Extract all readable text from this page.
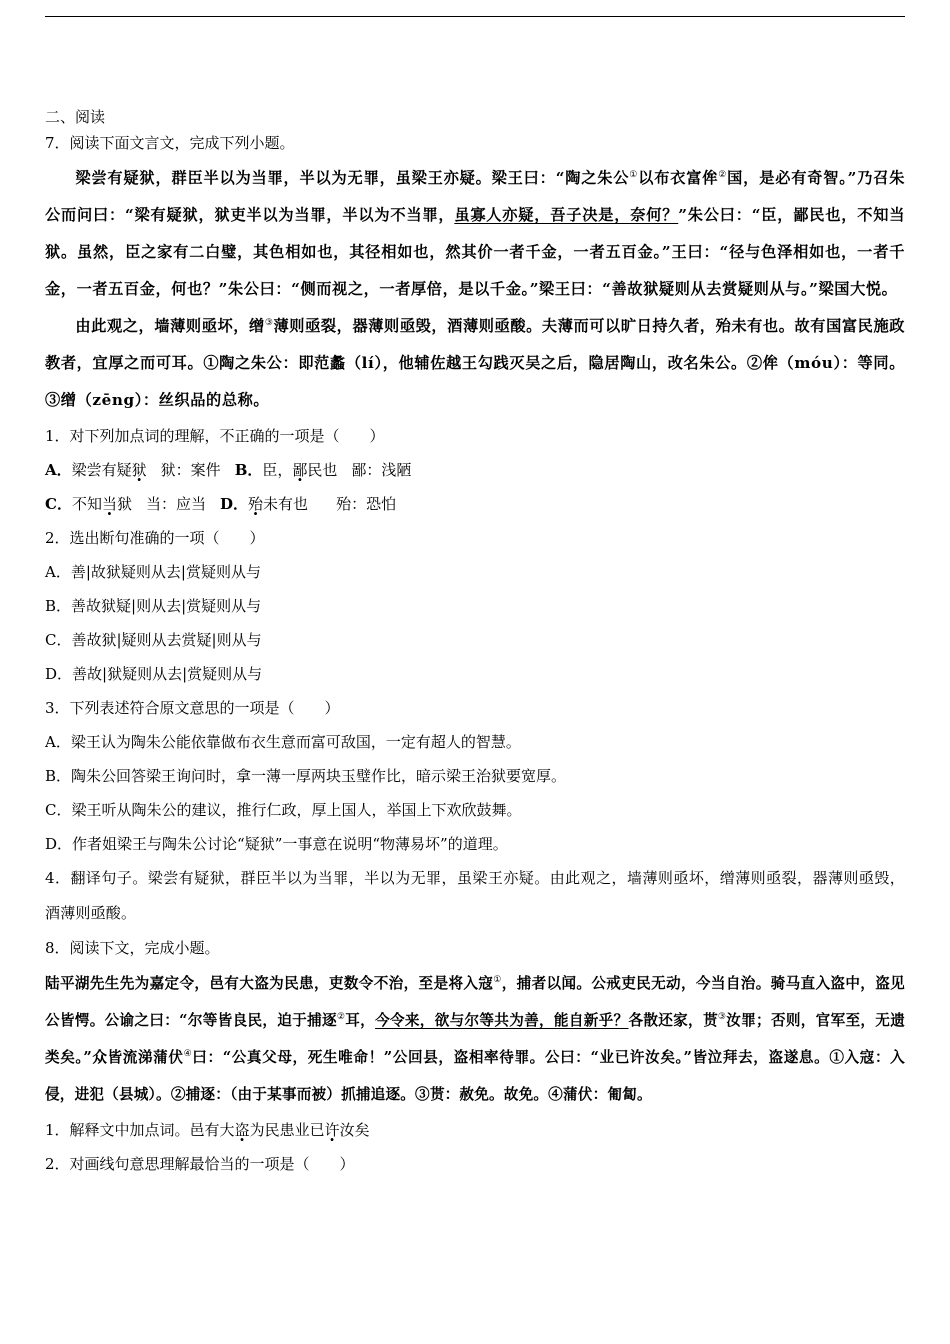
二、阅读
7．阅读下面文言文，完成下列小题。
梁尝有疑狱，群臣半以为当罪，半以为无罪，虽梁王亦疑。梁王曰：“陶之朱公①以布衣富侔②国，是必有奇智。”乃召朱公而问曰：“梁有疑狱，狱吏半以为当罪，半以为不当罪，虽寡人亦疑，吾子决是，奈何？”朱公曰：“臣，鄙民也，不知当狱。虽然，臣之家有二白璧，其色相如也，其径相如也，然其价一者千金，一者五百金。”王曰：“径与色泽相如也，一者千金，一者五百金，何也？”朱公曰：“侧而视之，一者厚倍，是以千金。”梁王曰：“善故狱疑则从去赏疑则从与。”梁国大悦。
由此观之，墙薄则亟坏，缯③薄则亟裂，器薄则亟毁，酒薄则亟酸。夫薄而可以旷日持久者，殆未有也。故有国富民施政教者，宜厚之而可耳。①陶之朱公：即范蠡（lí），他辅佐越王勾践灭吴之后，隐居陶山，改名朱公。②侔（móu）：等同。③缯（zēng）：丝织品的总称。
1．对下列加点词的理解，不正确的一项是（　　）
A．梁尝有疑狱 狱：案件 B．臣，鄙民也 鄙：浅陋
C．不知当狱 当：应当 D．殆未有也 殆：恐怕
2．选出断句准确的一项（　　）
A．善|故狱疑则从去|赏疑则从与
B．善故狱疑|则从去|赏疑则从与
C．善故狱|疑则从去赏疑|则从与
D．善故|狱疑则从去|赏疑则从与
3．下列表述符合原文意思的一项是（　　）
A．梁王认为陶朱公能依靠做布衣生意而富可敌国，一定有超人的智慧。
B．陶朱公回答梁王询问时，拿一薄一厚两块玉璧作比，暗示梁王治狱要宽厚。
C．梁王听从陶朱公的建议，推行仁政，厚上国人，举国上下欢欣鼓舞。
D．作者姐梁王与陶朱公讨论“疑狱”一事意在说明“物薄易坏”的道理。
4．翻译句子。梁尝有疑狱，群臣半以为当罪，半以为无罪，虽梁王亦疑。由此观之，墙薄则亟坏，缯薄则亟裂，器薄则亟毁，酒薄则亟酸。
8．阅读下文，完成小题。
陆平湖先生先为嘉定令，邑有大盗为民患，吏数令不治，至是将入寇①，捕者以闻。公戒吏民无动，今当自治。骑马直入盗中，盗见公皆愕。公谕之曰：“尔等皆良民，迫于捕逐②耳，今令来，欲与尔等共为善，能自新乎？各散还家，贳③汝罪；否则，官军至，无遗类矣。”众皆流涕蒲伏④曰：“公真父母，死生唯命！”公回县，盗相率待罪。公曰：“业已许汝矣。”皆泣拜去，盗遂息。①入寇：入侵，进犯（县城）。②捕逐：（由于某事而被）抓捕追逐。③贳：赦免。故免。④蒲伏：匍匐。
1．解释文中加点词。邑有大盗为民患业已许汝矣
2．对画线句意思理解最恰当的一项是（　　）
